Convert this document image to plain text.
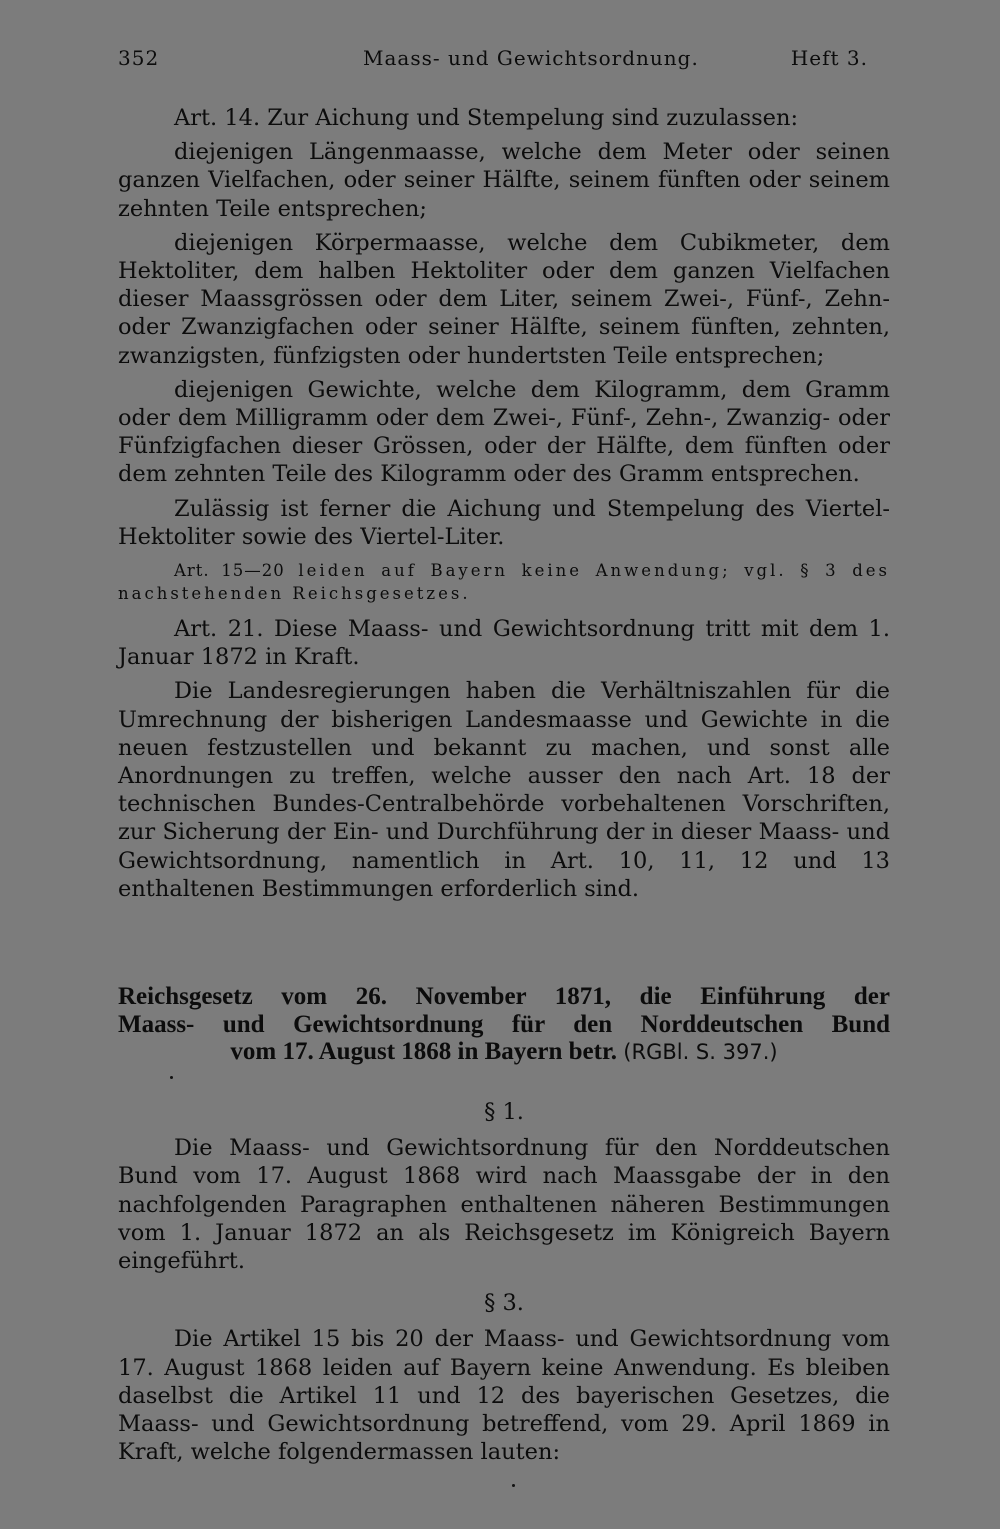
352	Maass- und Gewichtsordnung.	Heft 3.

Art. 14. Zur Aichung und Stempelung sind zuzulassen:

diejenigen Längenmaasse, welche dem Meter oder seinen ganzen Vielfachen, oder seiner Hälfte, seinem fünften oder seinem zehnten Teile entsprechen;

diejenigen Körpermaasse, welche dem Cubikmeter, dem Hektoliter, dem halben Hektoliter oder dem ganzen Vielfachen dieser Maassgrössen oder dem Liter, seinem Zwei-, Fünf-, Zehn- oder Zwanzigfachen oder seiner Hälfte, seinem fünften, zehnten, zwanzigsten, fünfzigsten oder hundertsten Teile entsprechen;

diejenigen Gewichte, welche dem Kilogramm, dem Gramm oder dem Milligramm oder dem Zwei-, Fünf-, Zehn-, Zwanzig- oder Fünfzigfachen dieser Grössen, oder der Hälfte, dem fünften oder dem zehnten Teile des Kilogramm oder des Gramm entsprechen.

Zulässig ist ferner die Aichung und Stempelung des Viertel-Hektoliter sowie des Viertel-Liter.

Art. 15—20 leiden auf Bayern keine Anwendung; vgl. § 3 des nachstehenden Reichsgesetzes.

Art. 21. Diese Maass- und Gewichtsordnung tritt mit dem 1. Januar 1872 in Kraft.

Die Landesregierungen haben die Verhältniszahlen für die Umrechnung der bisherigen Landesmaasse und Gewichte in die neuen festzustellen und bekannt zu machen, und sonst alle Anordnungen zu treffen, welche ausser den nach Art. 18 der technischen Bundes-Centralbehörde vorbehaltenen Vorschriften, zur Sicherung der Ein- und Durchführung der in dieser Maass- und Gewichtsordnung, namentlich in Art. 10, 11, 12 und 13 enthaltenen Bestimmungen erforderlich sind.

Reichsgesetz vom 26. November 1871, die Einführung der
Maass- und Gewichtsordnung für den Norddeutschen Bund
vom 17. August 1868 in Bayern betr. (RGBl. S. 397.)

§ 1.

Die Maass- und Gewichtsordnung für den Norddeutschen Bund vom 17. August 1868 wird nach Maassgabe der in den nachfolgenden Paragraphen enthaltenen näheren Bestimmungen vom 1. Januar 1872 an als Reichsgesetz im Königreich Bayern eingeführt.

§ 3.

Die Artikel 15 bis 20 der Maass- und Gewichtsordnung vom 17. August 1868 leiden auf Bayern keine Anwendung. Es bleiben daselbst die Artikel 11 und 12 des bayerischen Gesetzes, die Maass- und Gewichtsordnung betreffend, vom 29. April 1869 in Kraft, welche folgendermassen lauten:
